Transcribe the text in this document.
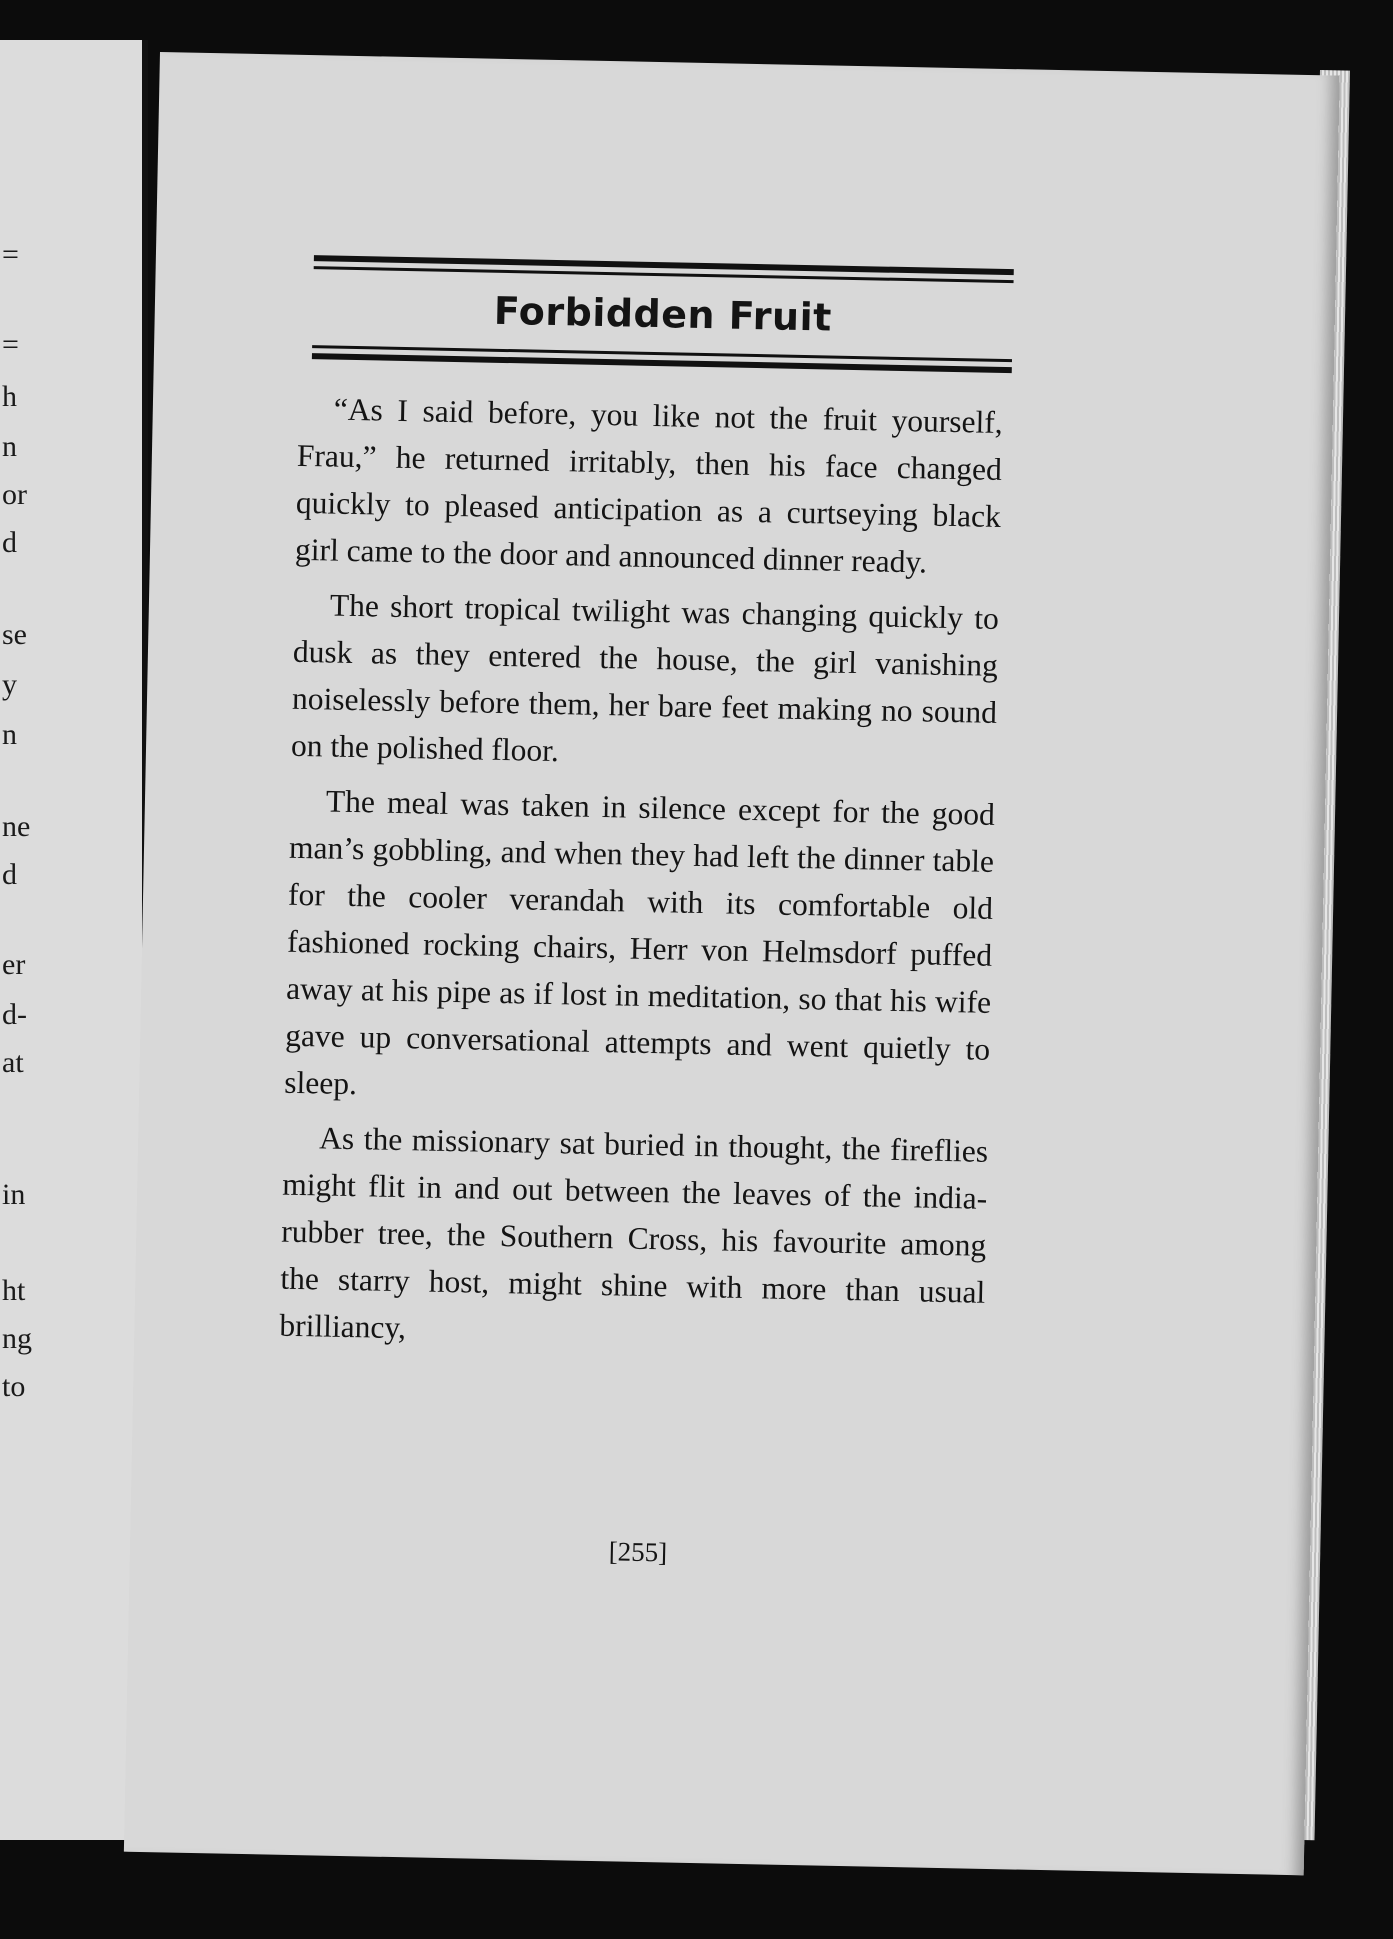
=
=
h
n
or
d
se
y
n
ne
d
er
d-
at
in
ht
ng
to
Forbidden Fruit

“As I said before, you like not the fruit yourself, Frau,” he returned irritably, then his face changed quickly to pleased anticipation as a curtseying black girl came to the door and announced dinner ready.

The short tropical twilight was changing quickly to dusk as they entered the house, the girl vanishing noiselessly before them, her bare feet making no sound on the polished floor.

The meal was taken in silence except for the good man’s gobbling, and when they had left the dinner table for the cooler verandah with its comfortable old fashioned rocking chairs, Herr von Helmsdorf puffed away at his pipe as if lost in meditation, so that his wife gave up conversational attempts and went quietly to sleep.

As the missionary sat buried in thought, the fireflies might flit in and out between the leaves of the india-rubber tree, the Southern Cross, his favourite among the starry host, might shine with more than usual brilliancy,

[255]
